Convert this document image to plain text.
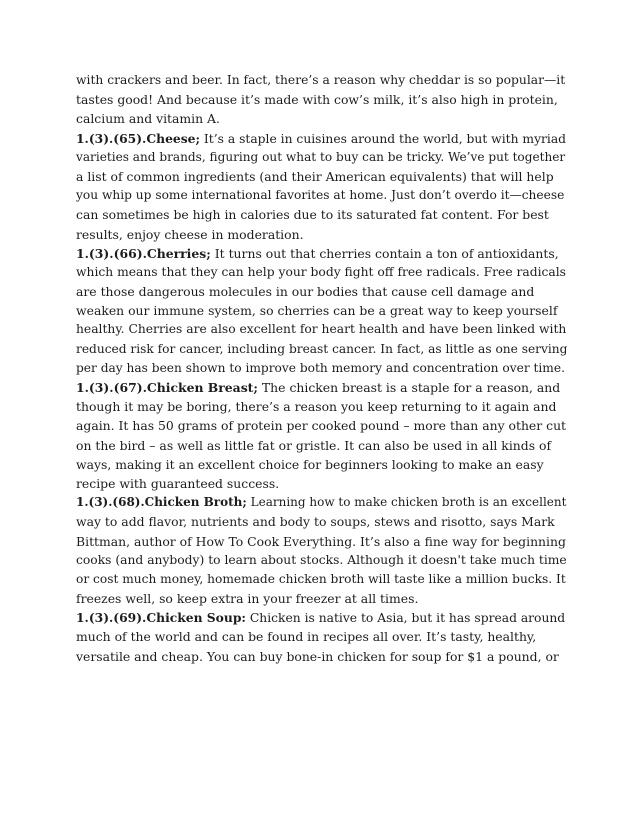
with crackers and beer. In fact, there’s a reason why cheddar is so popular—it
tastes good! And because it’s made with cow’s milk, it’s also high in protein,
calcium and vitamin A.
1.(3).(65).Cheese; It’s a staple in cuisines around the world, but with myriad
varieties and brands, figuring out what to buy can be tricky. We’ve put together
a list of common ingredients (and their American equivalents) that will help
you whip up some international favorites at home. Just don’t overdo it—cheese
can sometimes be high in calories due to its saturated fat content. For best
results, enjoy cheese in moderation.
1.(3).(66).Cherries; It turns out that cherries contain a ton of antioxidants,
which means that they can help your body fight off free radicals. Free radicals
are those dangerous molecules in our bodies that cause cell damage and
weaken our immune system, so cherries can be a great way to keep yourself
healthy. Cherries are also excellent for heart health and have been linked with
reduced risk for cancer, including breast cancer. In fact, as little as one serving
per day has been shown to improve both memory and concentration over time.
1.(3).(67).Chicken Breast; The chicken breast is a staple for a reason, and
though it may be boring, there’s a reason you keep returning to it again and
again. It has 50 grams of protein per cooked pound – more than any other cut
on the bird – as well as little fat or gristle. It can also be used in all kinds of
ways, making it an excellent choice for beginners looking to make an easy
recipe with guaranteed success.
1.(3).(68).Chicken Broth; Learning how to make chicken broth is an excellent
way to add flavor, nutrients and body to soups, stews and risotto, says Mark
Bittman, author of How To Cook Everything. It’s also a fine way for beginning
cooks (and anybody) to learn about stocks. Although it doesn't take much time
or cost much money, homemade chicken broth will taste like a million bucks. It
freezes well, so keep extra in your freezer at all times.
1.(3).(69).Chicken Soup: Chicken is native to Asia, but it has spread around
much of the world and can be found in recipes all over. It’s tasty, healthy,
versatile and cheap. You can buy bone-in chicken for soup for $1 a pound, or
